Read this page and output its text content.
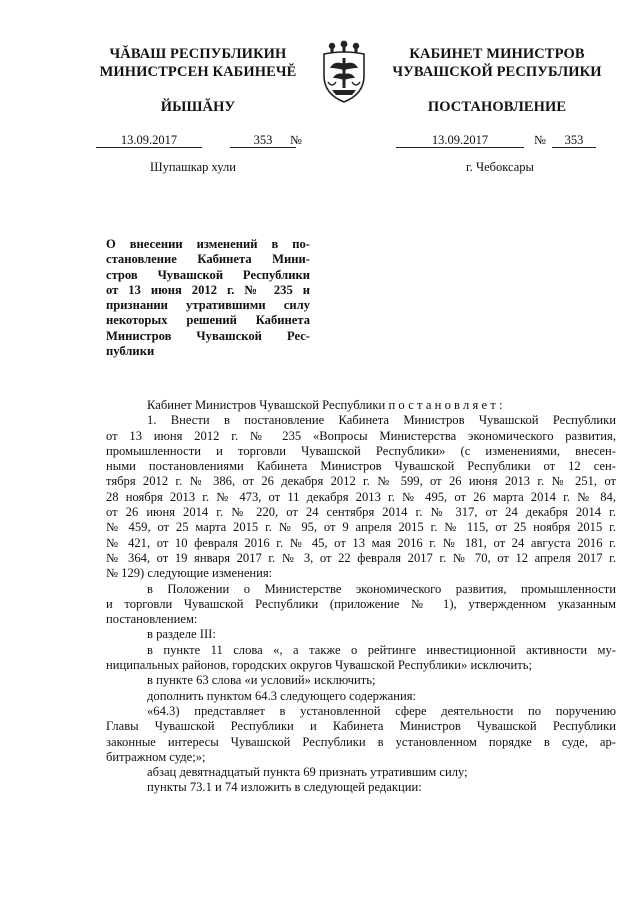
ЧĂВАШ РЕСПУБЛИКИН
МИНИСТРСЕН КАБИНЕЧĔ
КАБИНЕТ МИНИСТРОВ
ЧУВАШСКОЙ РЕСПУБЛИКИ
ЙЫШĂНУ	ПОСТАНОВЛЕНИЕ
13.09.2017	353	№	13.09.2017	№	353
Шупашкар хули	г. Чебоксары
О внесении изменений в по-
становление Кабинета Мини-
стров Чувашской Республики
от 13 июня 2012 г. № 235 и
признании утратившими силу
некоторых решений Кабинета
Министров Чувашской Рес-
публики
Кабинет Министров Чувашской Республики постановляет:
1. Внести в постановление Кабинета Министров Чувашской Республики
от 13 июня 2012 г. № 235 «Вопросы Министерства экономического развития,
промышленности и торговли Чувашской Республики» (с изменениями, внесен-
ными постановлениями Кабинета Министров Чувашской Республики от 12 сен-
тября 2012 г. № 386, от 26 декабря 2012 г. № 599, от 26 июня 2013 г. № 251, от
28 ноября 2013 г. № 473, от 11 декабря 2013 г. № 495, от 26 марта 2014 г. № 84,
от 26 июня 2014 г. № 220, от 24 сентября 2014 г. № 317, от 24 декабря 2014 г.
№ 459, от 25 марта 2015 г. № 95, от 9 апреля 2015 г. № 115, от 25 ноября 2015 г.
№ 421, от 10 февраля 2016 г. № 45, от 13 мая 2016 г. № 181, от 24 августа 2016 г.
№ 364, от 19 января 2017 г. № 3, от 22 февраля 2017 г. № 70, от 12 апреля 2017 г.
№ 129) следующие изменения:
в Положении о Министерстве экономического развития, промышленности
и торговли Чувашской Республики (приложение № 1), утвержденном указанным
постановлением:
в разделе III:
в пункте 11 слова «, а также о рейтинге инвестиционной активности му-
ниципальных районов, городских округов Чувашской Республики» исключить;
в пункте 63 слова «и условий» исключить;
дополнить пунктом 64.3 следующего содержания:
«64.3) представляет в установленной сфере деятельности по поручению
Главы Чувашской Республики и Кабинета Министров Чувашской Республики
законные интересы Чувашской Республики в установленном порядке в суде, ар-
битражном суде;»;
абзац девятнадцатый пункта 69 признать утратившим силу;
пункты 73.1 и 74 изложить в следующей редакции:
